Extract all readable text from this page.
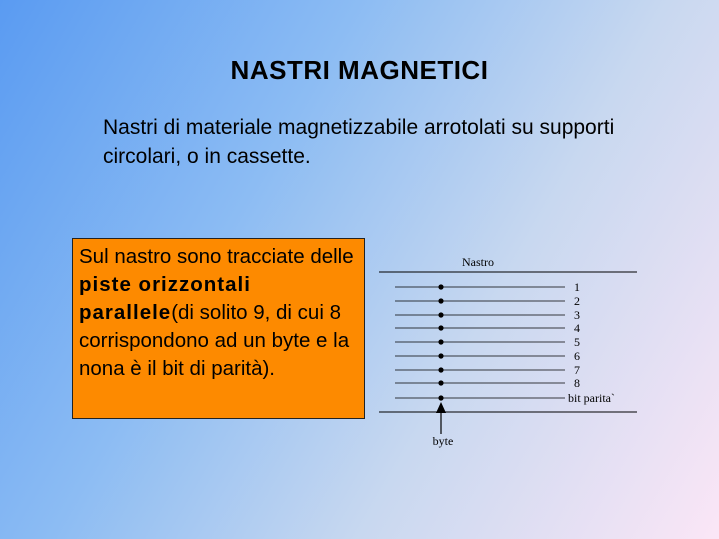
NASTRI MAGNETICI
Nastri di materiale magnetizzabile arrotolati su supporti circolari, o in cassette.
Sul nastro sono tracciate delle piste orizzontali parallele(di solito 9, di cui 8 corrispondono ad un byte e la nona è il bit di parità).
Nastro
1
2
3
4
5
6
7
8
bit parita`
byte
